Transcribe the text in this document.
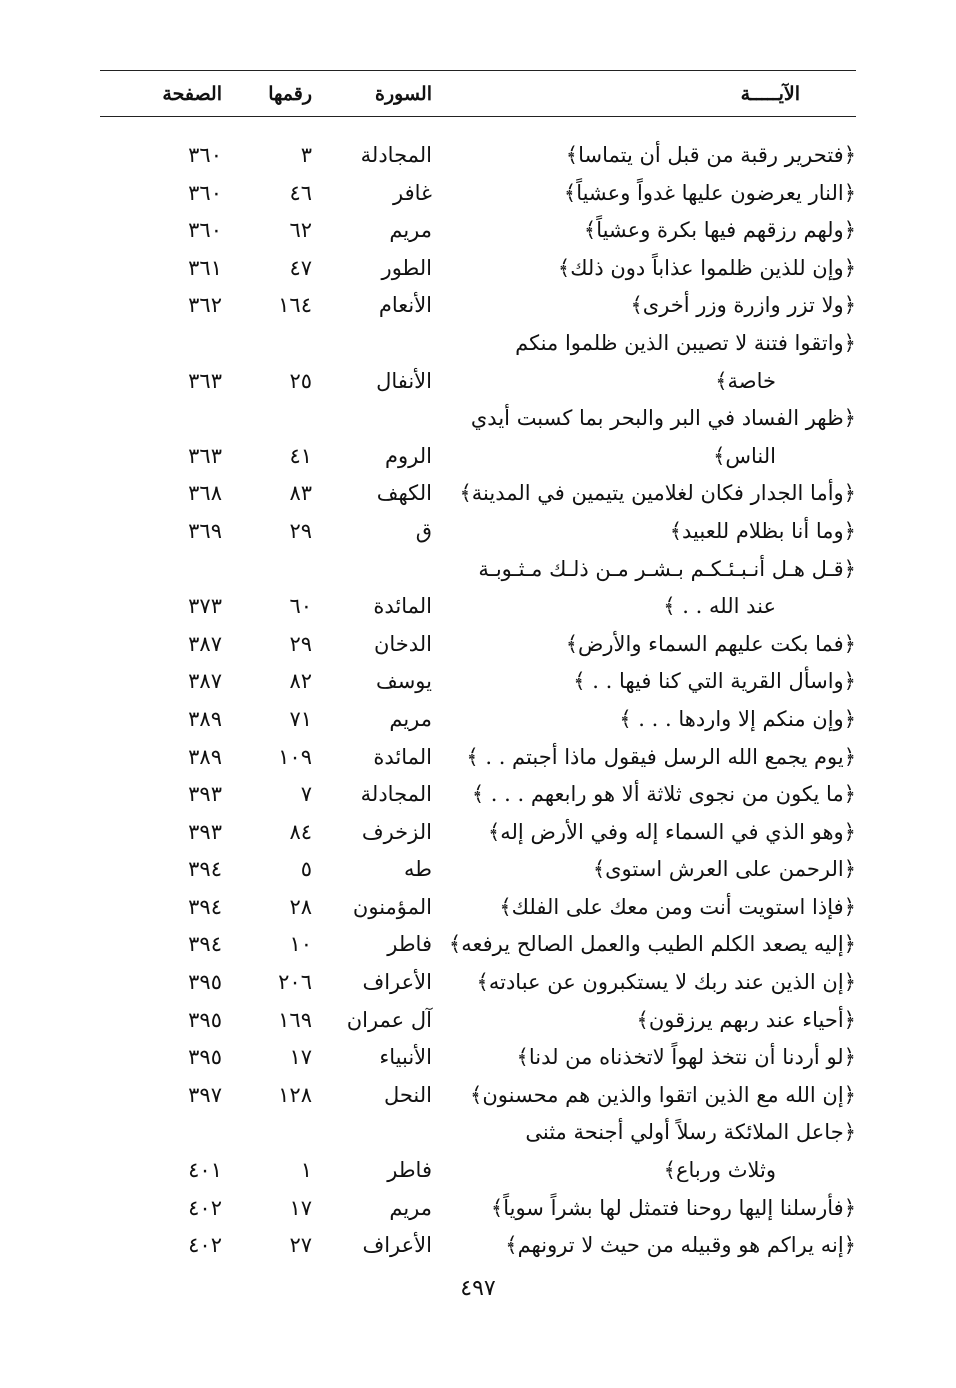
الآيـــــة
السورة
رقمها
الصفحة
﴿فتحرير رقبة من قبل أن يتماسا﴾
المجادلة
٣
٣٦٠
﴿النار يعرضون عليها غدواً وعشياً﴾
غافر
٤٦
٣٦٠
﴿ولهم رزقهم فيها بكرة وعشياً﴾
مريم
٦٢
٣٦٠
﴿وإن للذين ظلموا عذاباً دون ذلك﴾
الطور
٤٧
٣٦١
﴿ولا تزر وازرة وزر أخرى﴾
الأنعام
١٦٤
٣٦٢
﴿واتقوا فتنة لا تصيبن الذين ظلموا منكم
خاصة﴾
الأنفال
٢٥
٣٦٣
﴿ظهر الفساد في البر والبحر بما كسبت أيدي
الناس﴾
الروم
٤١
٣٦٣
﴿وأما الجدار فكان لغلامين يتيمين في المدينة﴾
الكهف
٨٣
٣٦٨
﴿وما أنا بظلام للعبيد﴾
ق
٢٩
٣٦٩
﴿قـل هـل أنـبـئـكـم بـشـر مـن ذلـك مـثـوبـة
عند الله . . ﴾
المائدة
٦٠
٣٧٣
﴿فما بكت عليهم السماء والأرض﴾
الدخان
٢٩
٣٨٧
﴿واسأل القرية التي كنا فيها . . ﴾
يوسف
٨٢
٣٨٧
﴿وإن منكم إلا واردها . . . ﴾
مريم
٧١
٣٨٩
﴿يوم يجمع الله الرسل فيقول ماذا أجبتم . . ﴾
المائدة
١٠٩
٣٨٩
﴿ما يكون من نجوى ثلاثة ألا هو رابعهم . . . ﴾
المجادلة
٧
٣٩٣
﴿وهو الذي في السماء إله وفي الأرض إله﴾
الزخرف
٨٤
٣٩٣
﴿الرحمن على العرش استوى﴾
طه
٥
٣٩٤
﴿فإذا استويت أنت ومن معك على الفلك﴾
المؤمنون
٢٨
٣٩٤
﴿إليه يصعد الكلم الطيب والعمل الصالح يرفعه﴾
فاطر
١٠
٣٩٤
﴿إن الذين عند ربك لا يستكبرون عن عبادته﴾
الأعراف
٢٠٦
٣٩٥
﴿أحياء عند ربهم يرزقون﴾
آل عمران
١٦٩
٣٩٥
﴿لو أردنا أن نتخذ لهواً لاتخذناه من لدنا﴾
الأنبياء
١٧
٣٩٥
﴿إن الله مع الذين اتقوا والذين هم محسنون﴾
النحل
١٢٨
٣٩٧
﴿جاعل الملائكة رسلاً أولي أجنحة مثنى
وثلاث ورباع﴾
فاطر
١
٤٠١
﴿فأرسلنا إليها روحنا فتمثل لها بشراً سوياً﴾
مريم
١٧
٤٠٢
﴿إنه يراكم هو وقبيله من حيث لا ترونهم﴾
الأعراف
٢٧
٤٠٢
٤٩٧
